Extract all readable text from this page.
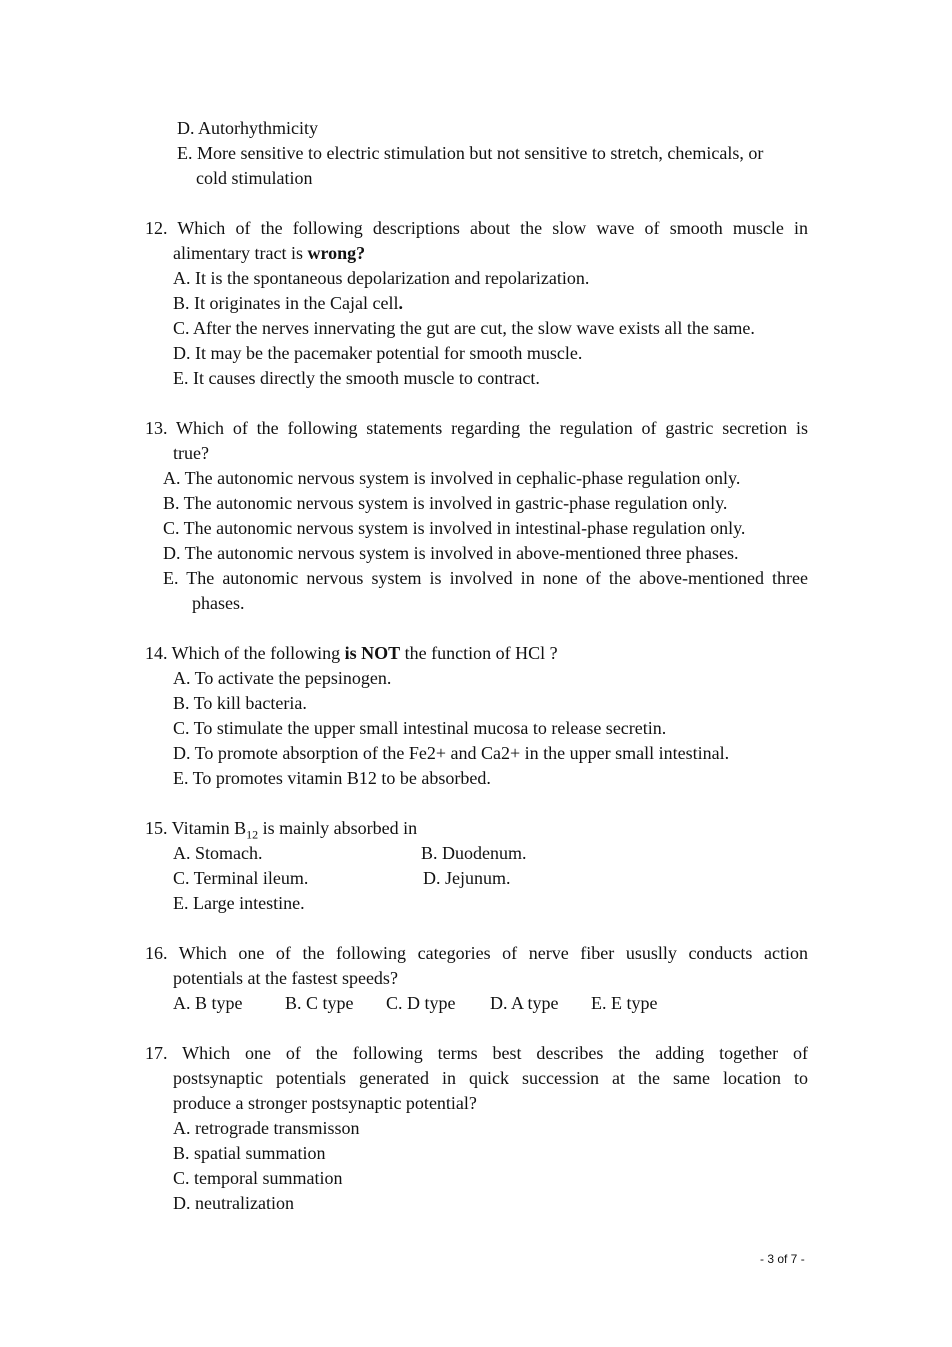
D. Autorhythmicity
E. More sensitive to electric stimulation but not sensitive to stretch, chemicals, or
cold stimulation
12. Which of the following descriptions about the slow wave of smooth muscle in
alimentary tract is wrong?
A. It is the spontaneous depolarization and repolarization.
B. It originates in the Cajal cell.
C. After the nerves innervating the gut are cut, the slow wave exists all the same.
D. It may be the pacemaker potential for smooth muscle.
E. It causes directly the smooth muscle to contract.
13. Which of the following statements regarding the regulation of gastric secretion is
true?
A. The autonomic nervous system is involved in cephalic-phase regulation only.
B. The autonomic nervous system is involved in gastric-phase regulation only.
C. The autonomic nervous system is involved in intestinal-phase regulation only.
D. The autonomic nervous system is involved in above-mentioned three phases.
E. The autonomic nervous system is involved in none of the above-mentioned three
phases.
14. Which of the following is NOT the function of HCl ?
A. To activate the pepsinogen.
B. To kill bacteria.
C. To stimulate the upper small intestinal mucosa to release secretin.
D. To promote absorption of the Fe2+ and Ca2+ in the upper small intestinal.
E. To promotes vitamin B12 to be absorbed.
15. Vitamin $B_{12}$ is mainly absorbed in
A. Stomach.	B. Duodenum.
C. Terminal ileum.	D. Jejunum.
E. Large intestine.
16. Which one of the following categories of nerve fiber ususlly conducts action
potentials at the fastest speeds?
A. B type B. C type C. D type D. A type E. E type
17. Which one of the following terms best describes the adding together of
postsynaptic potentials generated in quick succession at the same location to
produce a stronger postsynaptic potential?
A. retrograde transmisson
B. spatial summation
C. temporal summation
D. neutralization
- 3 of 7 -
